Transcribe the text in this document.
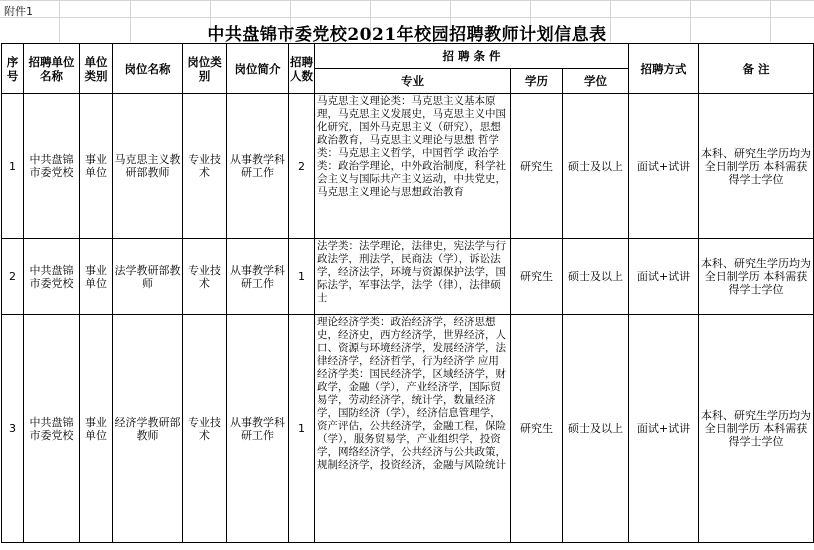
附件1
中共盘锦市委党校2021年校园招聘教师计划信息表
序号	招聘单位名称	单位类别	岗位名称	岗位类别	岗位简介	招聘人数	招 聘 条 件			招聘方式	备 注
							专业	学历	学位		
1	中共盘锦市委党校	事业单位	马克思主义教研部教师	专业技术	从事教学科研工作	2	马克思主义理论类：马克思主义基本原理，马克思主义发展史，马克思主义中国化研究，国外马克思主义（研究），思想政治教育，马克思主义理论与思想 哲学类：马克思主义哲学，中国哲学 政治学类：政治学理论，中外政治制度，科学社会主义与国际共产主义运动，中共党史，马克思主义理论与思想政治教育	研究生	硕士及以上	面试+试讲	本科、研究生学历均为全日制学历 本科需获得学士学位
2	中共盘锦市委党校	事业单位	法学教研部教师	专业技术	从事教学科研工作	1	法学类：法学理论，法律史，宪法学与行政法学，刑法学，民商法（学），诉讼法学，经济法学，环境与资源保护法学，国际法学，军事法学，法学（律），法律硕士	研究生	硕士及以上	面试+试讲	本科、研究生学历均为全日制学历 本科需获得学士学位
3	中共盘锦市委党校	事业单位	经济学教研部教师	专业技术	从事教学科研工作	1	理论经济学类：政治经济学，经济思想史，经济史，西方经济学，世界经济，人口、资源与环境经济学，发展经济学，法律经济学，经济哲学，行为经济学 应用经济学类：国民经济学，区域经济学，财政学，金融（学），产业经济学，国际贸易学，劳动经济学，统计学，数量经济学，国防经济（学），经济信息管理学，资产评估，公共经济学，金融工程，保险（学），服务贸易学，产业组织学，投资学，网络经济学，公共经济与公共政策，规制经济学，投资经济，金融与风险统计	研究生	硕士及以上	面试+试讲	本科、研究生学历均为全日制学历 本科需获得学士学位
